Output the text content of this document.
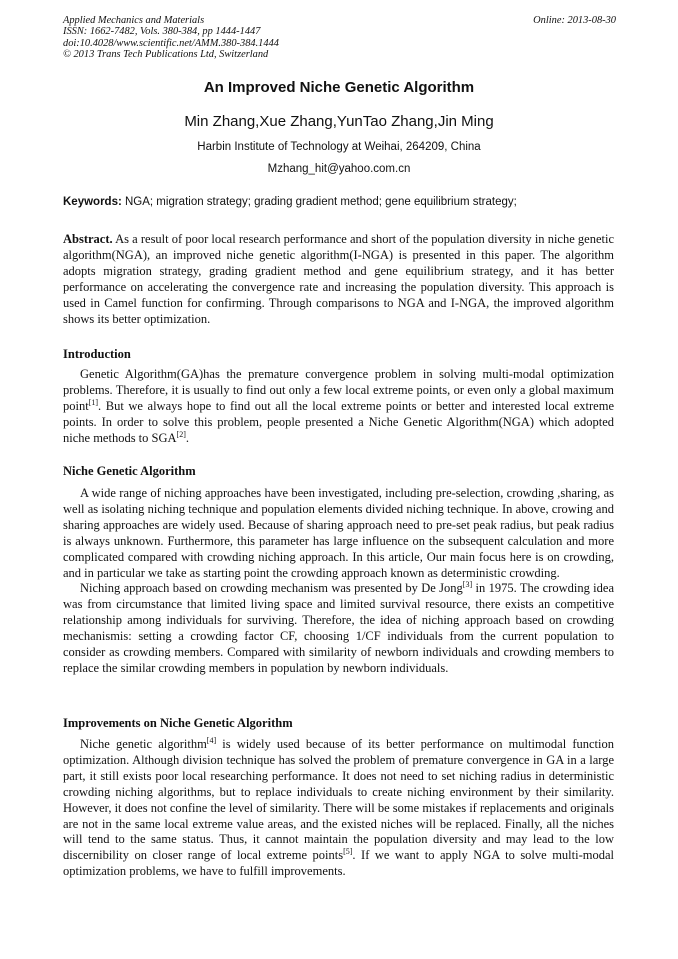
Applied Mechanics and Materials
ISSN: 1662-7482, Vols. 380-384, pp 1444-1447
doi:10.4028/www.scientific.net/AMM.380-384.1444
© 2013 Trans Tech Publications Ltd, Switzerland
Online: 2013-08-30
An Improved Niche Genetic Algorithm
Min Zhang,Xue Zhang,YunTao Zhang,Jin Ming
Harbin Institute of Technology at Weihai, 264209, China
Mzhang_hit@yahoo.com.cn
Keywords: NGA; migration strategy; grading gradient method; gene equilibrium strategy;

Abstract. As a result of poor local research performance and short of the population diversity in niche genetic algorithm(NGA), an improved niche genetic algorithm(I-NGA) is presented in this paper. The algorithm adopts migration strategy, grading gradient method and gene equilibrium strategy, and it has better performance on accelerating the convergence rate and increasing the population diversity. This approach is used in Camel function for confirming. Through comparisons to NGA and I-NGA, the improved algorithm shows its better optimization.

Introduction

Genetic Algorithm(GA)has the premature convergence problem in solving multi-modal optimization problems. Therefore, it is usually to find out only a few local extreme points, or even only a global maximum point[1]. But we always hope to find out all the local extreme points or better and interested local extreme points. In order to solve this problem, people presented a Niche Genetic Algorithm(NGA) which adopted niche methods to SGA[2].

Niche Genetic Algorithm

A wide range of niching approaches have been investigated, including pre-selection, crowding ,sharing, as well as isolating niching technique and population elements divided niching technique. In above, crowing and sharing approaches are widely used. Because of sharing approach need to pre-set peak radius, but peak radius is always unknown. Furthermore, this parameter has large influence on the subsequent calculation and more complicated compared with crowding niching approach. In this article, Our main focus here is on crowding, and in particular we take as starting point the crowding approach known as deterministic crowding.

Niching approach based on crowding mechanism was presented by De Jong[3] in 1975. The crowding idea was from circumstance that limited living space and limited survival resource, there exists an competitive relationship among individuals for surviving. Therefore, the idea of niching approach based on crowding mechanismis: setting a crowding factor CF, choosing 1/CF individuals from the current population to consider as crowding members. Compared with similarity of newborn individuals and crowding members to replace the similar crowding members in population by newborn individuals.

Improvements on Niche Genetic Algorithm

Niche genetic algorithm[4] is widely used because of its better performance on multimodal function optimization. Although division technique has solved the problem of premature convergence in GA in a large part, it still exists poor local researching performance. It does not need to set niching radius in deterministic crowding niching algorithms, but to replace individuals to create niching environment by their similarity. However, it does not confine the level of similarity. There will be some mistakes if replacements and originals are not in the same local extreme value areas, and the existed niches will be replaced. Finally, all the niches will tend to the same status. Thus, it cannot maintain the population diversity and may lead to the low discernibility on closer range of local extreme points[5]. If we want to apply NGA to solve multi-modal optimization problems, we have to fulfill improvements.
